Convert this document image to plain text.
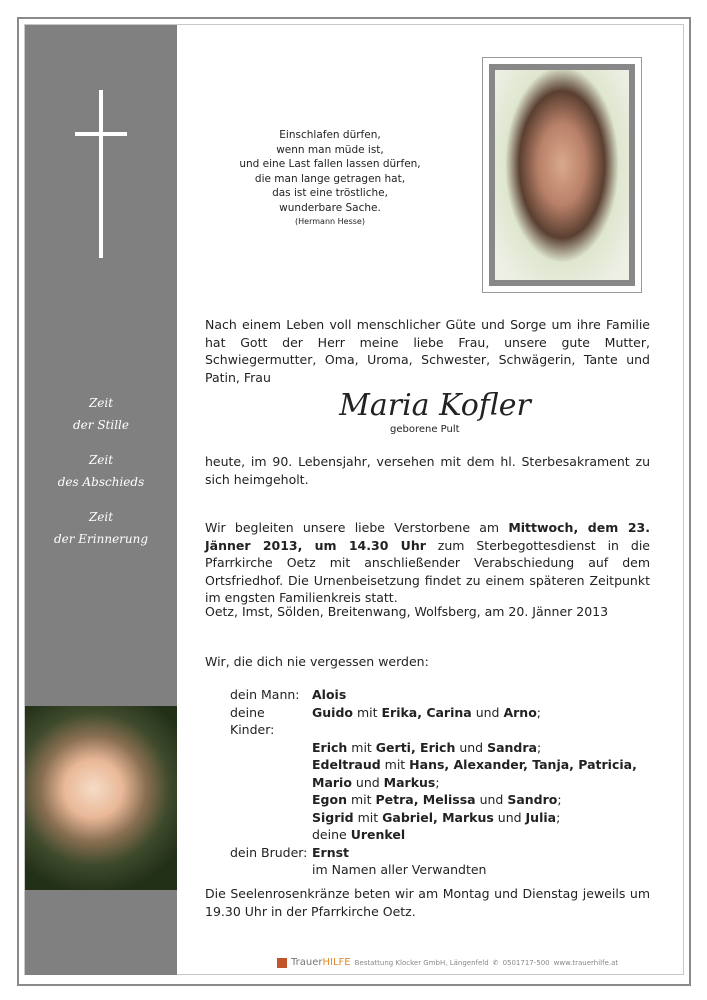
Zeit
der Stille
Zeit
des Abschieds
Zeit
der Erinnerung
Einschlafen dürfen,
wenn man müde ist,
und eine Last fallen lassen dürfen,
die man lange getragen hat,
das ist eine tröstliche,
wunderbare Sache.
(Hermann Hesse)
Nach einem Leben voll menschlicher Güte und Sorge um ihre Familie hat Gott der Herr meine liebe Frau, unsere gute Mutter, Schwiegermutter, Oma, Uroma, Schwester, Schwägerin, Tante und Patin, Frau
Maria Kofler
geborene Pult
heute, im 90. Lebensjahr, versehen mit dem hl. Sterbesakrament zu sich heimgeholt.
Wir begleiten unsere liebe Verstorbene am Mittwoch, dem 23. Jänner 2013, um 14.30 Uhr zum Sterbegottesdienst in die Pfarrkirche Oetz mit anschließender Verabschiedung auf dem Ortsfriedhof. Die Urnenbeisetzung findet zu einem späteren Zeitpunkt im engsten Familienkreis statt.
Oetz, Imst, Sölden, Breitenwang, Wolfsberg, am 20. Jänner 2013
Wir, die dich nie vergessen werden:
dein Mann:	Alois
deine Kinder:
Guido mit Erika, Carina und Arno;
Erich mit Gerti, Erich und Sandra;
Edeltraud mit Hans, Alexander, Tanja, Patricia,
Mario und Markus;
Egon mit Petra, Melissa und Sandro;
Sigrid mit Gabriel, Markus und Julia;
deine Urenkel
dein Bruder: Ernst
im Namen aller Verwandten
Die Seelenrosenkränze beten wir am Montag und Dienstag jeweils um 19.30 Uhr in der Pfarrkirche Oetz.
TrauerHILFE Bestattung Klocker GmbH, Längenfeld ✆ 0501717-500 www.trauerhilfe.at
